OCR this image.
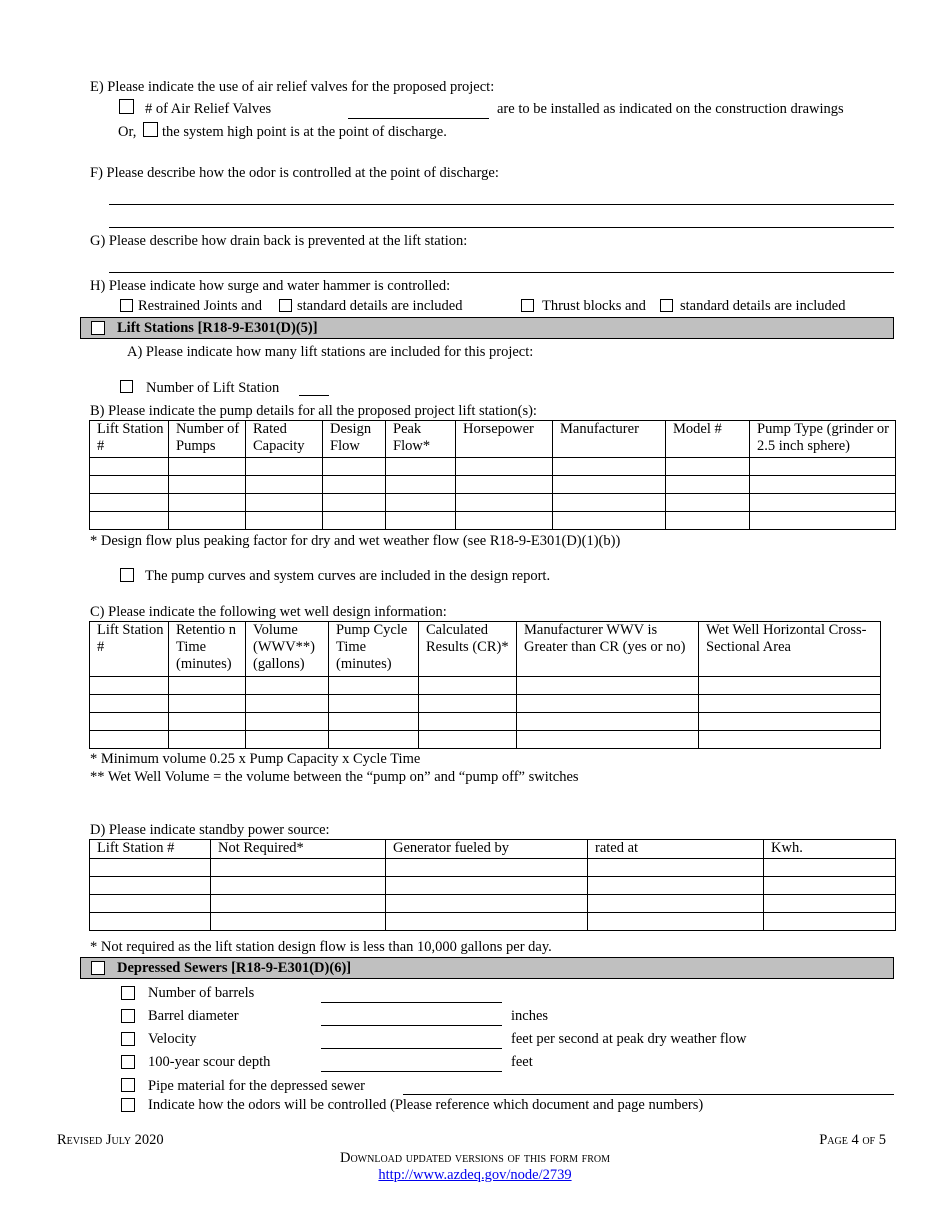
E) Please indicate the use of air relief valves for the proposed project:
# of Air Relief Valves	are to be installed as indicated on the construction drawings
Or, the system high point is at the point of discharge.
F) Please describe how the odor is controlled at the point of discharge:
G) Please describe how drain back is prevented at the lift station:
H) Please indicate how surge and water hammer is controlled:
Restrained Joints and standard details are included	Thrust blocks and standard details are included
Lift Stations [R18-9-E301(D)(5)]
A) Please indicate how many lift stations are included for this project:
Number of Lift Station
B) Please indicate the pump details for all the proposed project lift station(s):
Lift Station #	Number of Pumps	Rated Capacity	Design Flow	Peak Flow*	Horsepower	Manufacturer	Model #	Pump Type (grinder or 2.5 inch sphere)

* Design flow plus peaking factor for dry and wet weather flow (see R18-9-E301(D)(1)(b))
The pump curves and system curves are included in the design report.
C) Please indicate the following wet well design information:
Lift Station #	Retentio n Time (minutes)	Volume (WWV**) (gallons)	Pump Cycle Time (minutes)	Calculated Results (CR)*	Manufacturer WWV is Greater than CR (yes or no)	Wet Well Horizontal Cross-Sectional Area

* Minimum volume 0.25 x Pump Capacity x Cycle Time
** Wet Well Volume = the volume between the “pump on” and “pump off” switches
D) Please indicate standby power source:
Lift Station #	Not Required*	Generator fueled by	rated at	Kwh.

* Not required as the lift station design flow is less than 10,000 gallons per day.
Depressed Sewers [R18-9-E301(D)(6)]
Number of barrels
Barrel diameter	inches
Velocity	feet per second at peak dry weather flow
100-year scour depth	feet
Pipe material for the depressed sewer
Indicate how the odors will be controlled (Please reference which document and page numbers)
Revised July 2020	Page 4 of 5
Download updated versions of this form from
http://www.azdeq.gov/node/2739
